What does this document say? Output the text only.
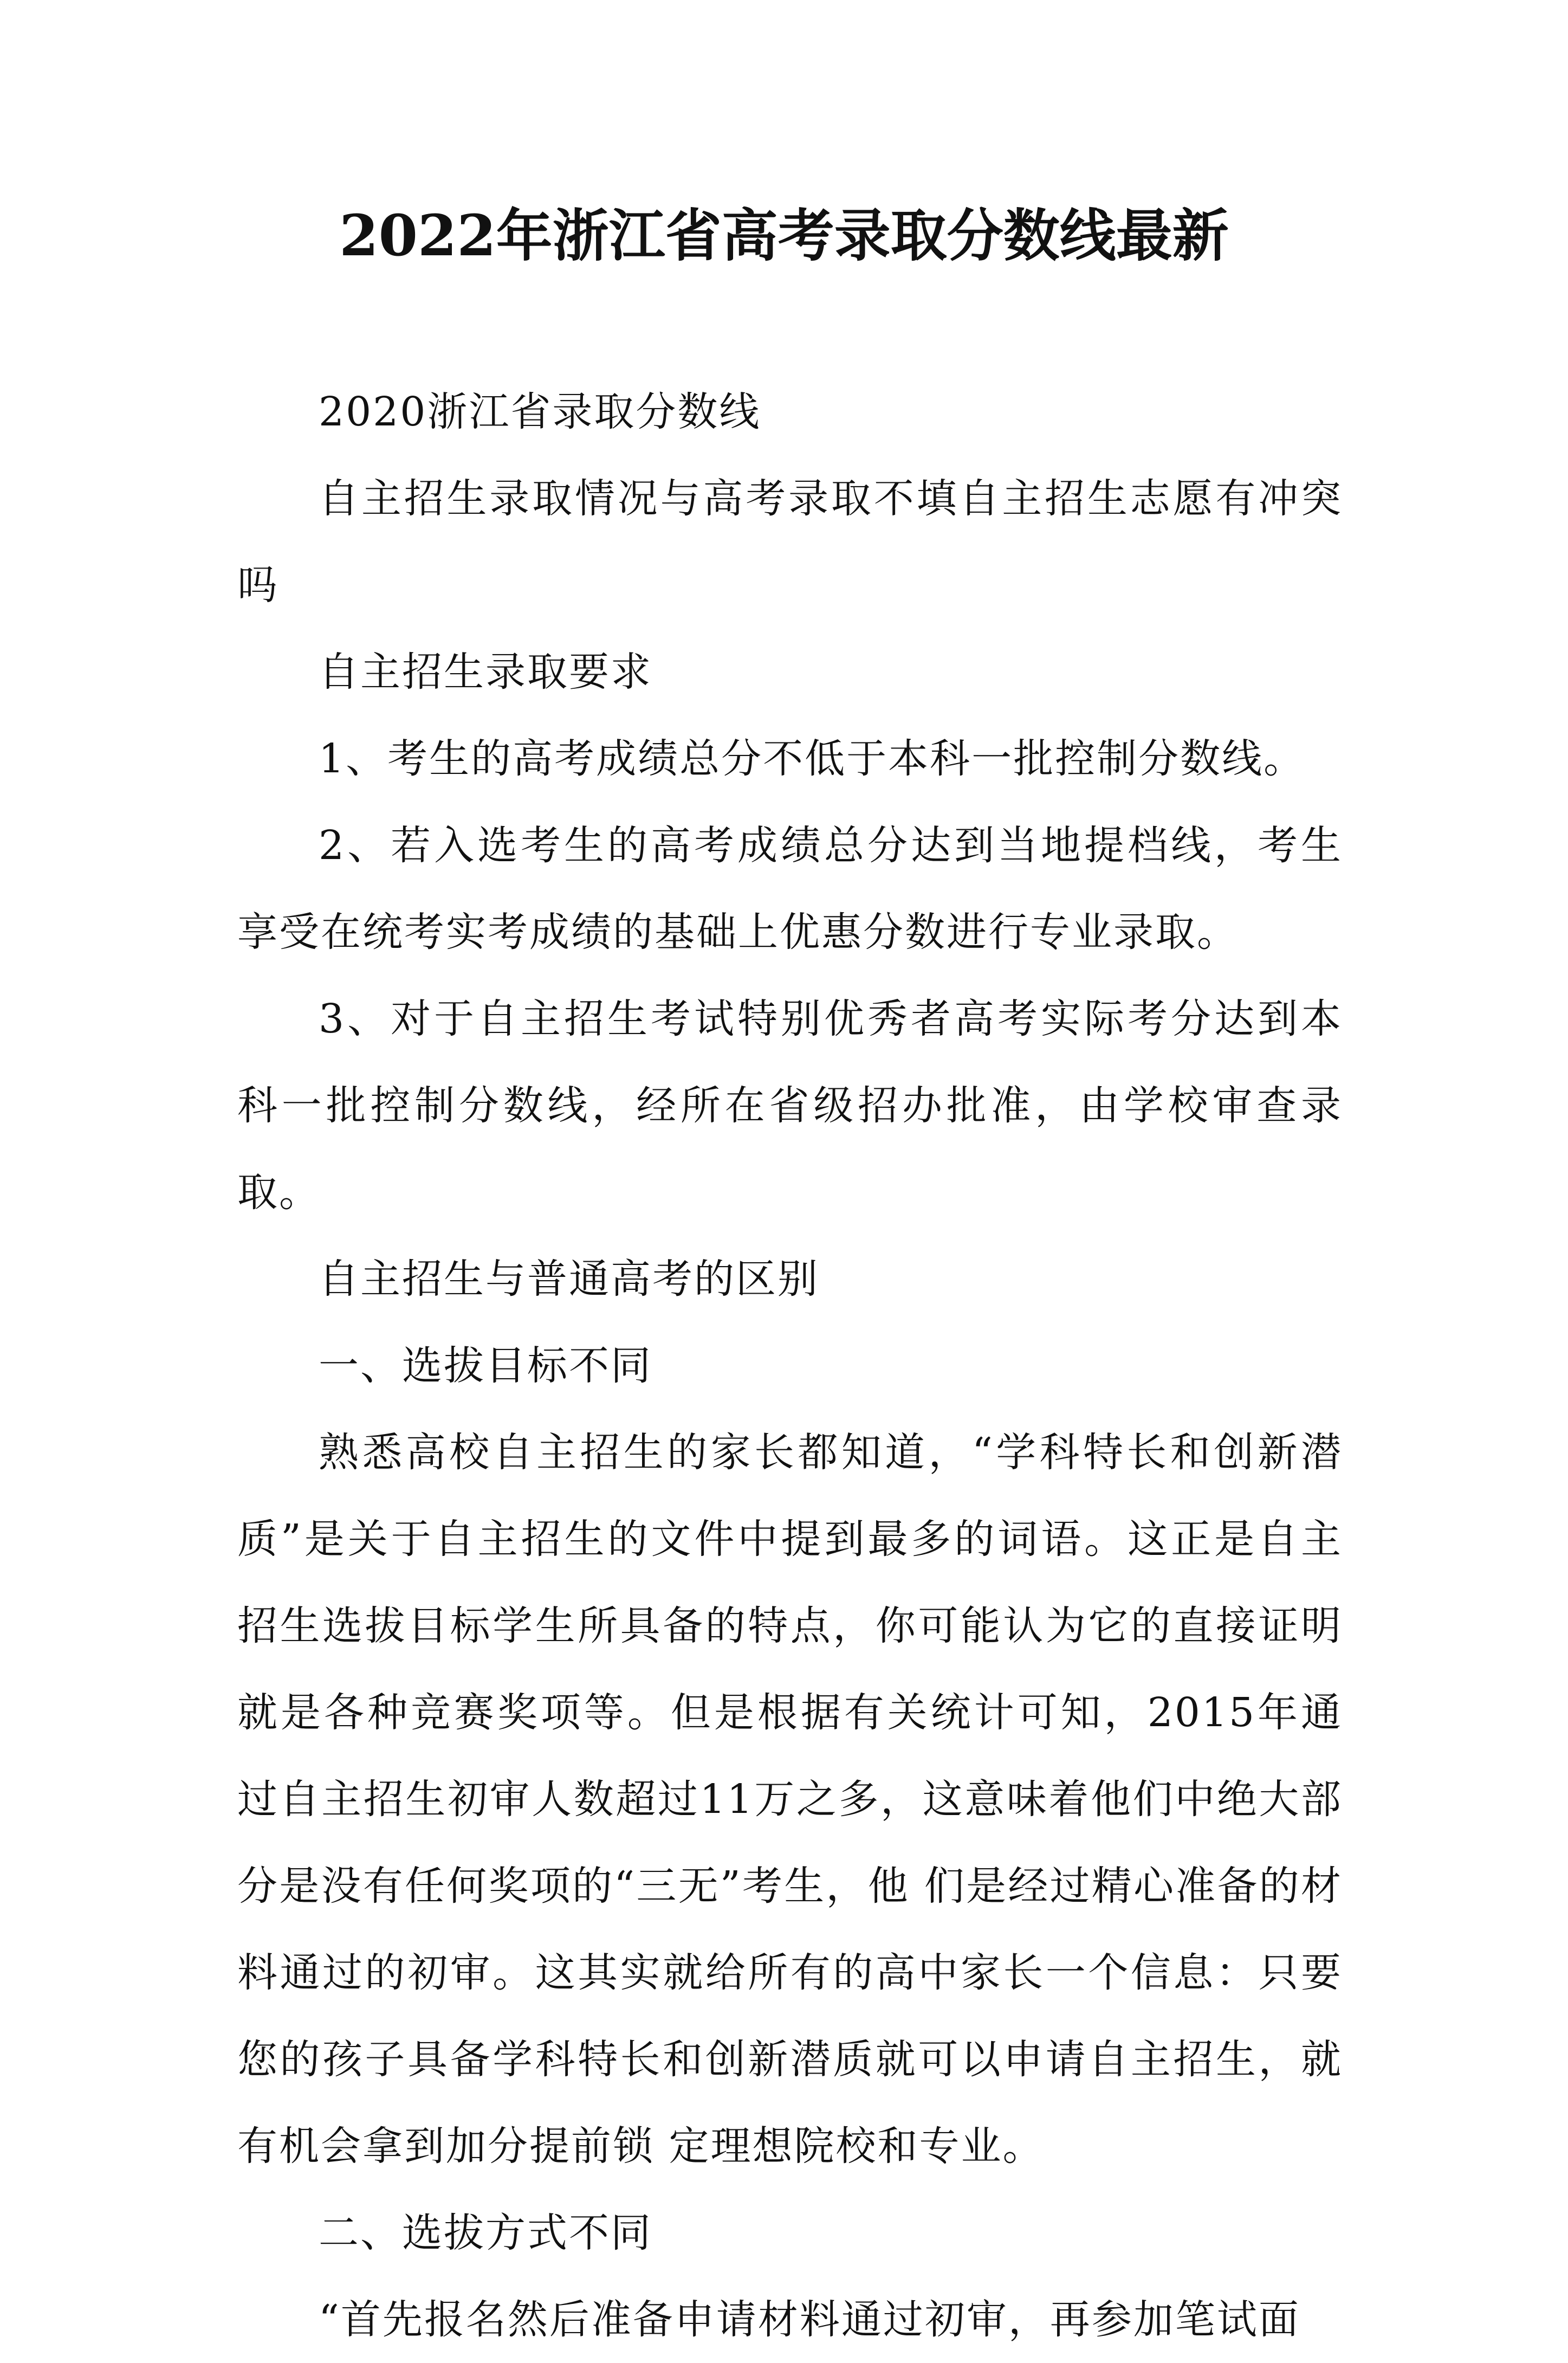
2022年浙江省高考录取分数线最新

2020浙江省录取分数线

自主招生录取情况与高考录取不填自主招生志愿有冲突吗

自主招生录取要求

1、考生的高考成绩总分不低于本科一批控制分数线。

2、若入选考生的高考成绩总分达到当地提档线，考生享受在统考实考成绩的基础上优惠分数进行专业录取。

3、对于自主招生考试特别优秀者高考实际考分达到本科一批控制分数线，经所在省级招办批准，由学校审查录取。

自主招生与普通高考的区别

一、选拔目标不同

熟悉高校自主招生的家长都知道，“学科特长和创新潜质”是关于自主招生的文件中提到最多的词语。这正是自主招生选拔目标学生所具备的特点，你可能认为它的直接证明就是各种竞赛奖项等。但是根据有关统计可知，2015年通过自主招生初审人数超过11万之多，这意味着他们中绝大部分是没有任何奖项的“三无”考生，他 们是经过精心准备的材料通过的初审。这其实就给所有的高中家长一个信息：只要您的孩子具备学科特长和创新潜质就可以申请自主招生，就有机会拿到加分提前锁 定理想院校和专业。

二、选拔方式不同

“首先报名然后准备申请材料通过初审，再参加笔试面
